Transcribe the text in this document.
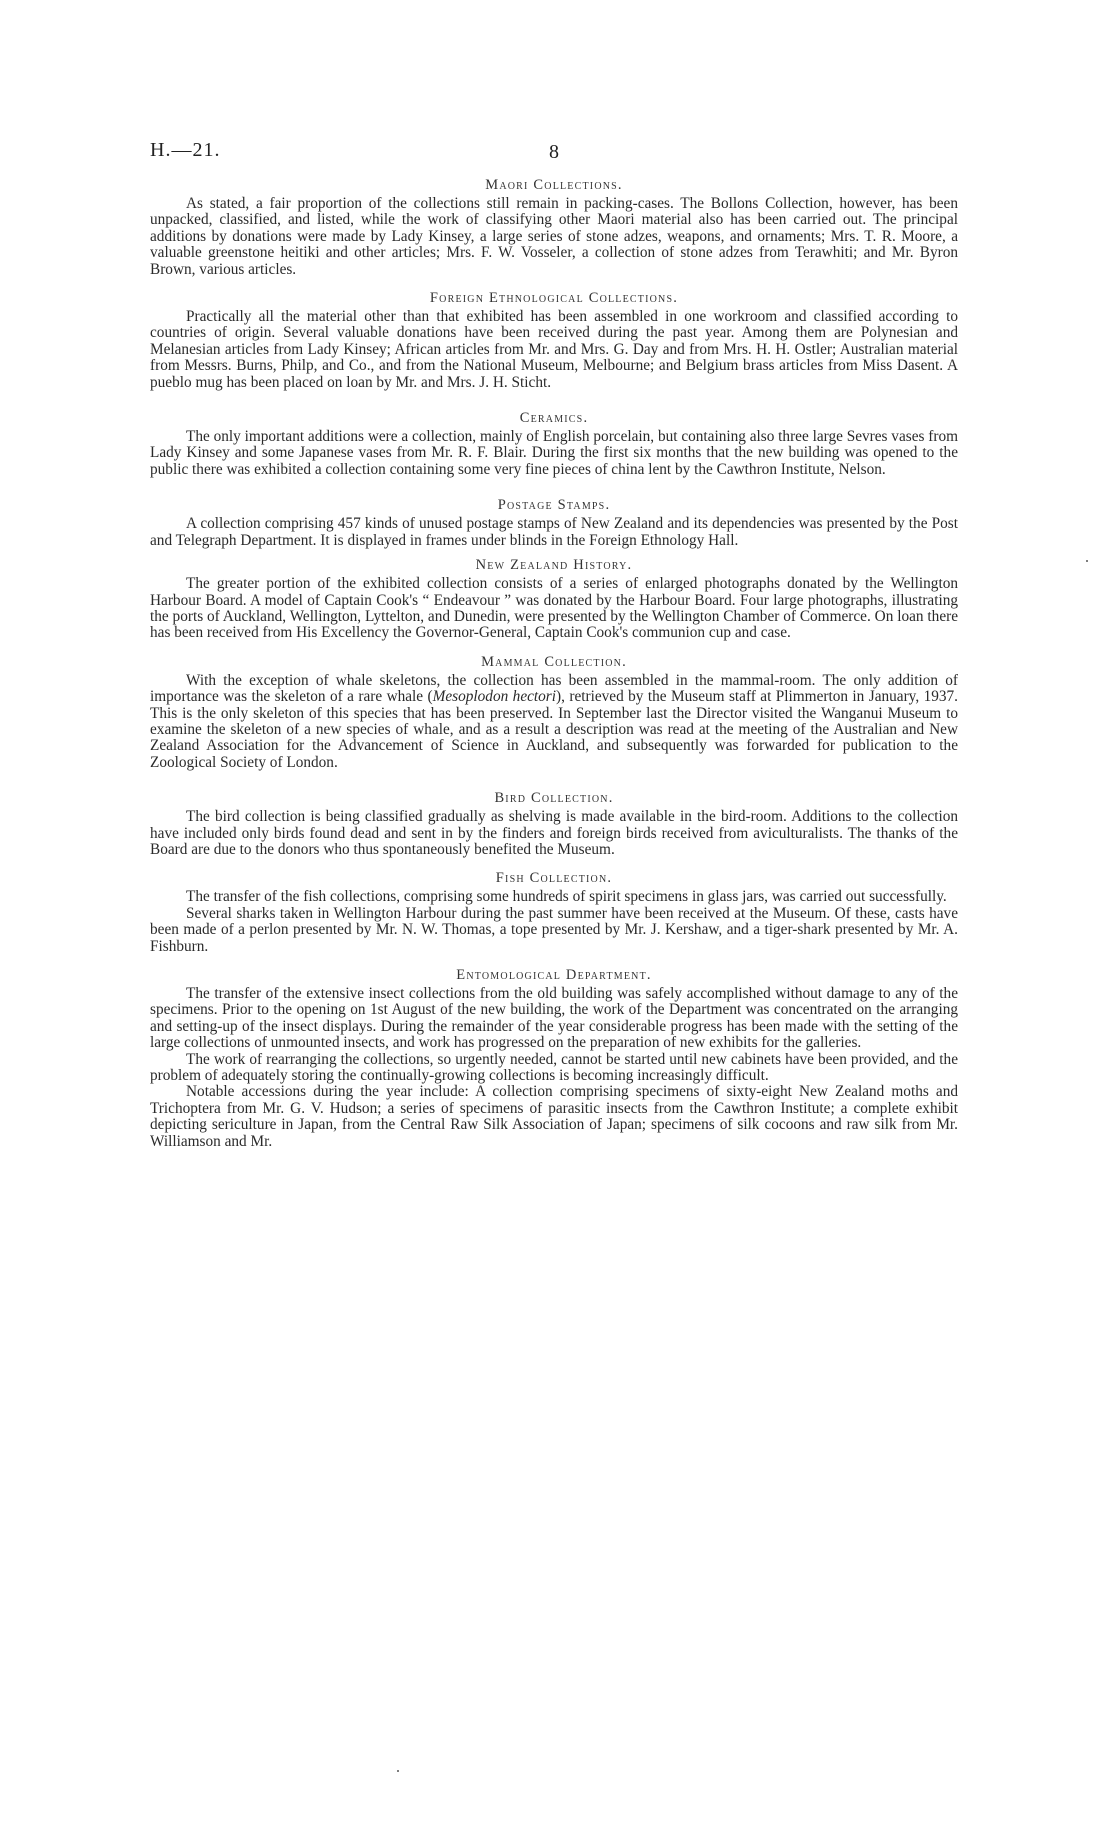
H.—21.	8
Maori Collections.

As stated, a fair proportion of the collections still remain in packing-cases. The Bollons Collection, however, has been unpacked, classified, and listed, while the work of classifying other Maori material also has been carried out. The principal additions by donations were made by Lady Kinsey, a large series of stone adzes, weapons, and ornaments; Mrs. T. R. Moore, a valuable greenstone heitiki and other articles; Mrs. F. W. Vosseler, a collection of stone adzes from Terawhiti; and Mr. Byron Brown, various articles.

Foreign Ethnological Collections.

Practically all the material other than that exhibited has been assembled in one workroom and classified according to countries of origin. Several valuable donations have been received during the past year. Among them are Polynesian and Melanesian articles from Lady Kinsey; African articles from Mr. and Mrs. G. Day and from Mrs. H. H. Ostler; Australian material from Messrs. Burns, Philp, and Co., and from the National Museum, Melbourne; and Belgium brass articles from Miss Dasent. A pueblo mug has been placed on loan by Mr. and Mrs. J. H. Sticht.

Ceramics.

The only important additions were a collection, mainly of English porcelain, but containing also three large Sevres vases from Lady Kinsey and some Japanese vases from Mr. R. F. Blair. During the first six months that the new building was opened to the public there was exhibited a collection containing some very fine pieces of china lent by the Cawthron Institute, Nelson.

Postage Stamps.

A collection comprising 457 kinds of unused postage stamps of New Zealand and its dependencies was presented by the Post and Telegraph Department. It is displayed in frames under blinds in the Foreign Ethnology Hall.

New Zealand History.

The greater portion of the exhibited collection consists of a series of enlarged photographs donated by the Wellington Harbour Board. A model of Captain Cook's “ Endeavour ” was donated by the Harbour Board. Four large photographs, illustrating the ports of Auckland, Wellington, Lyttelton, and Dunedin, were presented by the Wellington Chamber of Commerce. On loan there has been received from His Excellency the Governor-General, Captain Cook's communion cup and case.

Mammal Collection.

With the exception of whale skeletons, the collection has been assembled in the mammal-room. The only addition of importance was the skeleton of a rare whale (Mesoplodon hectori), retrieved by the Museum staff at Plimmerton in January, 1937. This is the only skeleton of this species that has been preserved. In September last the Director visited the Wanganui Museum to examine the skeleton of a new species of whale, and as a result a description was read at the meeting of the Australian and New Zealand Association for the Advancement of Science in Auckland, and subsequently was forwarded for publication to the Zoological Society of London.

Bird Collection.

The bird collection is being classified gradually as shelving is made available in the bird-room. Additions to the collection have included only birds found dead and sent in by the finders and foreign birds received from aviculturalists. The thanks of the Board are due to the donors who thus spontaneously benefited the Museum.

Fish Collection.

The transfer of the fish collections, comprising some hundreds of spirit specimens in glass jars, was carried out successfully.

Several sharks taken in Wellington Harbour during the past summer have been received at the Museum. Of these, casts have been made of a perlon presented by Mr. N. W. Thomas, a tope presented by Mr. J. Kershaw, and a tiger-shark presented by Mr. A. Fishburn.

Entomological Department.

The transfer of the extensive insect collections from the old building was safely accomplished without damage to any of the specimens. Prior to the opening on 1st August of the new building, the work of the Department was concentrated on the arranging and setting-up of the insect displays. During the remainder of the year considerable progress has been made with the setting of the large collections of unmounted insects, and work has progressed on the preparation of new exhibits for the galleries.

The work of rearranging the collections, so urgently needed, cannot be started until new cabinets have been provided, and the problem of adequately storing the continually-growing collections is becoming increasingly difficult.

Notable accessions during the year include: A collection comprising specimens of sixty-eight New Zealand moths and Trichoptera from Mr. G. V. Hudson; a series of specimens of parasitic insects from the Cawthron Institute; a complete exhibit depicting sericulture in Japan, from the Central Raw Silk Association of Japan; specimens of silk cocoons and raw silk from Mr. Williamson and Mr.
